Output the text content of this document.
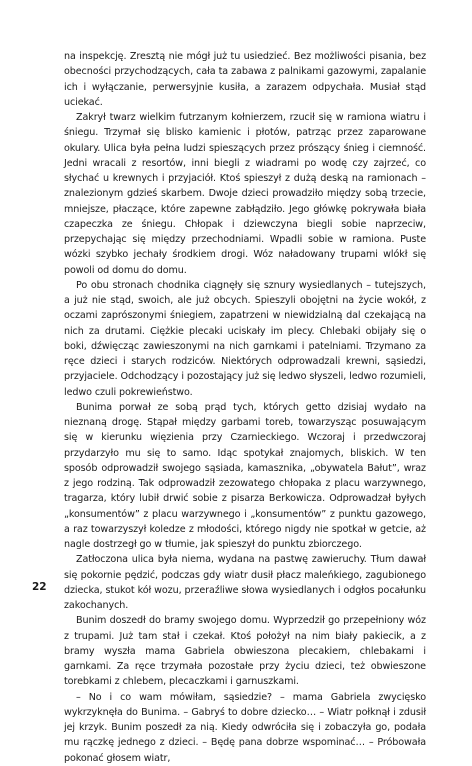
na inspekcję. Zresztą nie mógł już tu usiedzieć. Bez możliwości pisania, bez obecności przychodzących, cała ta zabawa z palnikami gazowymi, zapalanie ich i wyłączanie, perwersyjnie kusiła, a zarazem odpychała. Musiał stąd uciekać.

Zakrył twarz wielkim futrzanym kołnierzem, rzucił się w ramiona wiatru i śniegu. Trzymał się blisko kamienic i płotów, patrząc przez zaparowane okulary. Ulica była pełna ludzi spieszących przez prószący śnieg i ciemność. Jedni wracali z resortów, inni biegli z wiadrami po wodę czy zajrzeć, co słychać u krewnych i przyjaciół. Ktoś spieszył z dużą deską na ramionach – znalezionym gdzieś skarbem. Dwoje dzieci prowadziło między sobą trzecie, mniejsze, płaczące, które zapewne zabłądziło. Jego główkę pokrywała biała czapeczka ze śniegu. Chłopak i dziewczyna biegli sobie naprzeciw, przepychając się między przechodniami. Wpadli sobie w ramiona. Puste wózki szybko jechały środkiem drogi. Wóz naładowany trupami wlókł się powoli od domu do domu.

Po obu stronach chodnika ciągnęły się sznury wysiedlanych – tutejszych, a już nie stąd, swoich, ale już obcych. Spieszyli obojętni na życie wokół, z oczami zaprószonymi śniegiem, zapatrzeni w niewidzialną dal czekającą na nich za drutami. Ciężkie plecaki uciskały im plecy. Chlebaki obijały się o boki, dźwięcząc zawieszonymi na nich garnkami i patelniami. Trzymano za ręce dzieci i starych rodziców. Niektórych odprowadzali krewni, sąsiedzi, przyjaciele. Odchodzący i pozostający już się ledwo słyszeli, ledwo rozumieli, ledwo czuli pokrewieństwo.

Bunima porwał ze sobą prąd tych, których getto dzisiaj wydało na nieznaną drogę. Stąpał między garbami toreb, towarzysząc posuwającym się w kierunku więzienia przy Czarnieckiego. Wczoraj i przedwczoraj przydarzyło mu się to samo. Idąc spotykał znajomych, bliskich. W ten sposób odprowadził swojego sąsiada, kamasznika, „obywatela Bałut”, wraz z jego rodziną. Tak odprowadził zezowatego chłopaka z placu warzywnego, tragarza, który lubił drwić sobie z pisarza Berkowicza. Odprowadzał byłych „konsumentów” z placu warzywnego i „konsumentów” z punktu gazowego, a raz towarzyszył koledze z młodości, którego nigdy nie spotkał w getcie, aż nagle dostrzegł go w tłumie, jak spieszył do punktu zbiorczego.

Zatłoczona ulica była niema, wydana na pastwę zawieruchy. Tłum dawał się pokornie pędzić, podczas gdy wiatr dusił płacz maleńkiego, zagubionego dziecka, stukot kół wozu, przeraźliwe słowa wysiedlanych i odgłos pocałunku zakochanych.

Bunim doszedł do bramy swojego domu. Wyprzedził go przepełniony wóz z trupami. Już tam stał i czekał. Ktoś położył na nim biały pakiecik, a z bramy wyszła mama Gabriela obwieszona plecakiem, chlebakami i garnkami. Za ręce trzymała pozostałe przy życiu dzieci, też obwieszone torebkami z chlebem, plecaczkami i garnuszkami.

– No i co wam mówiłam, sąsiedzie? – mama Gabriela zwycięsko wykrzyknęła do Bunima. – Gabryś to dobre dziecko… – Wiatr połknął i zdusił jej krzyk. Bunim poszedł za nią. Kiedy odwróciła się i zobaczyła go, podała mu rączkę jednego z dzieci. – Będę pana dobrze wspominać… – Próbowała pokonać głosem wiatr,

22
